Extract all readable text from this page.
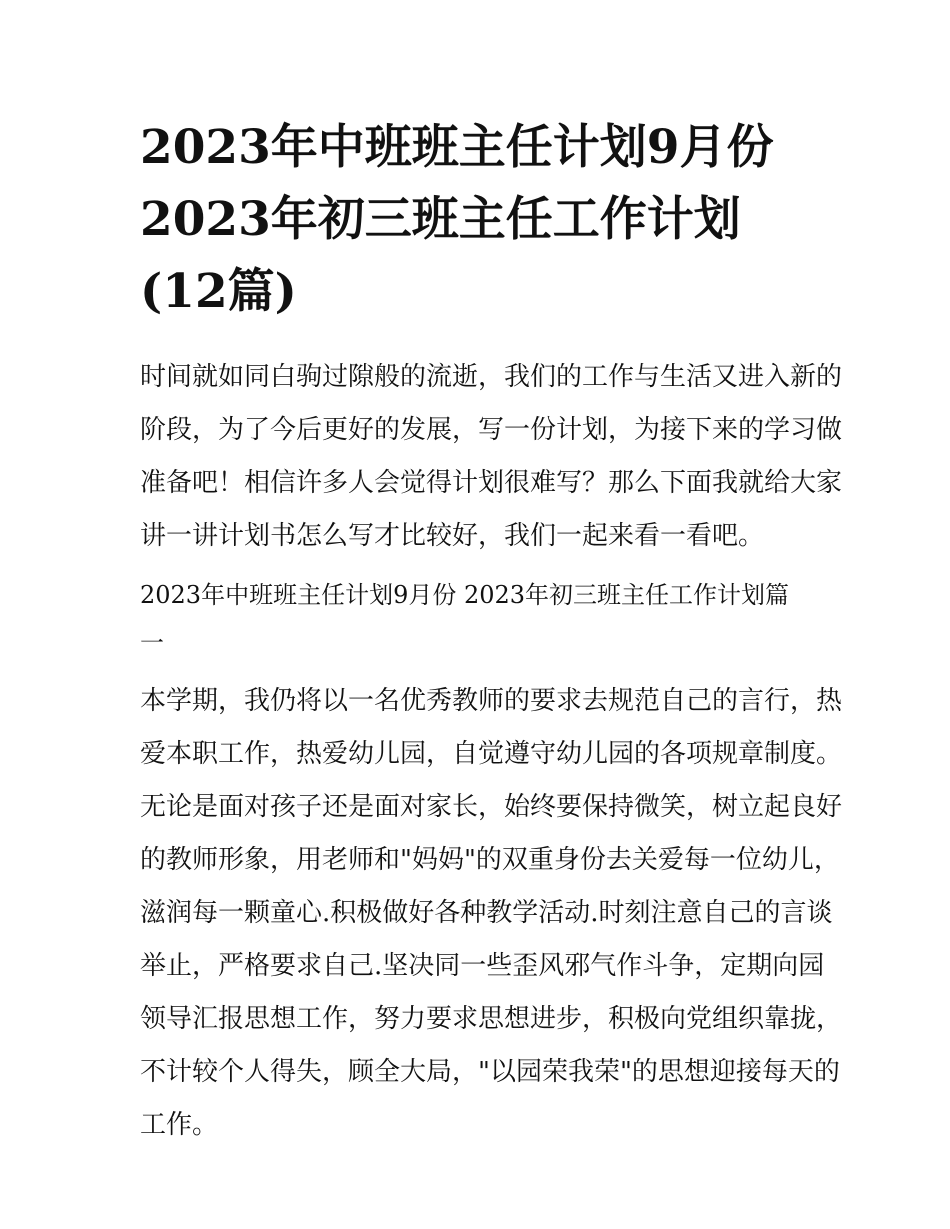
2023年中班班主任计划9月份
2023年初三班主任工作计划
(12篇)
时间就如同白驹过隙般的流逝，我们的工作与生活又进入新的
阶段，为了今后更好的发展，写一份计划，为接下来的学习做
准备吧！相信许多人会觉得计划很难写？那么下面我就给大家
讲一讲计划书怎么写才比较好，我们一起来看一看吧。
2023年中班班主任计划9月份 2023年初三班主任工作计划篇
一
本学期，我仍将以一名优秀教师的要求去规范自己的言行，热
爱本职工作，热爱幼儿园，自觉遵守幼儿园的各项规章制度。
无论是面对孩子还是面对家长，始终要保持微笑，树立起良好
的教师形象，用老师和"妈妈"的双重身份去关爱每一位幼儿，
滋润每一颗童心.积极做好各种教学活动.时刻注意自己的言谈
举止，严格要求自己.坚决同一些歪风邪气作斗争，定期向园
领导汇报思想工作，努力要求思想进步，积极向党组织靠拢，
不计较个人得失，顾全大局，"以园荣我荣"的思想迎接每天的
工作。
